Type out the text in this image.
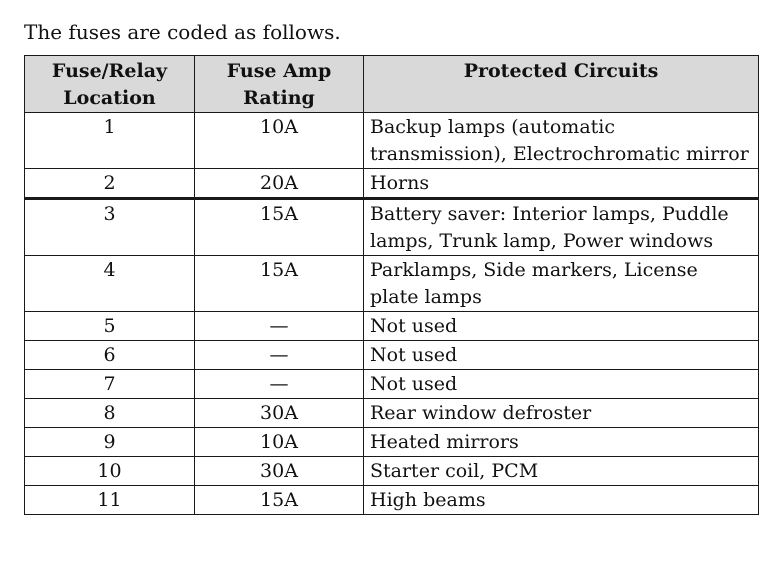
The fuses are coded as follows.

Fuse/Relay Location	Fuse Amp Rating	Protected Circuits
1	10A	Backup lamps (automatic transmission), Electrochromatic mirror
2	20A	Horns
3	15A	Battery saver: Interior lamps, Puddle lamps, Trunk lamp, Power windows
4	15A	Parklamps, Side markers, License plate lamps
5	—	Not used
6	—	Not used
7	—	Not used
8	30A	Rear window defroster
9	10A	Heated mirrors
10	30A	Starter coil, PCM
11	15A	High beams
